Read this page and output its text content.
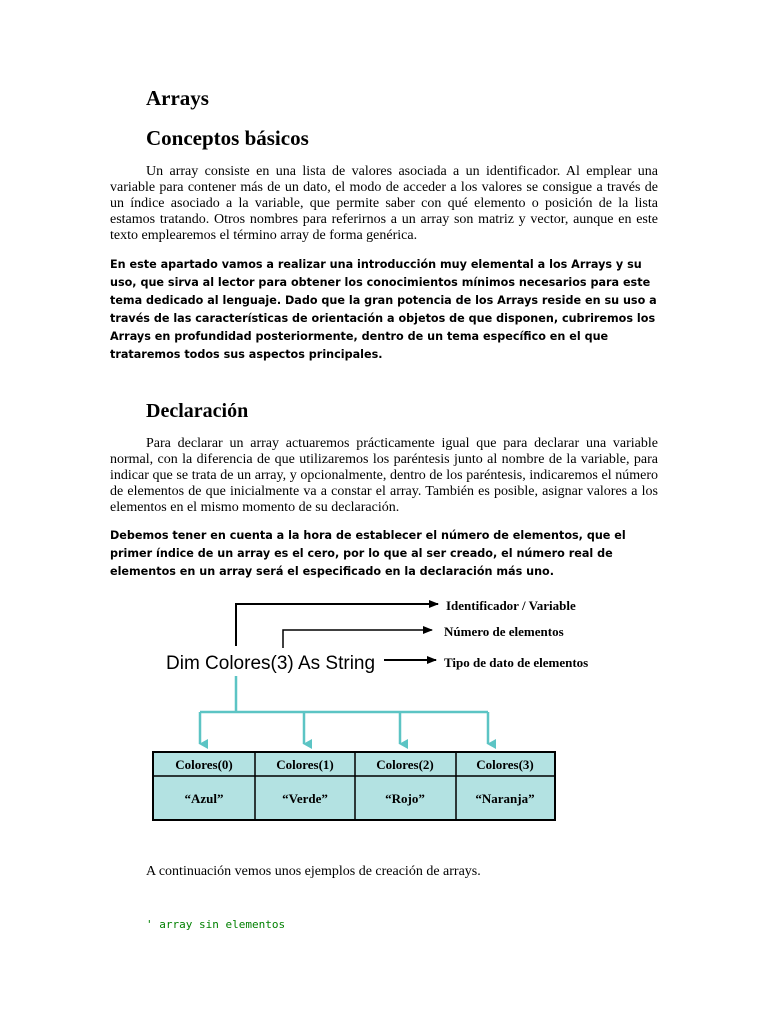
Arrays
Conceptos básicos

Un array consiste en una lista de valores asociada a un identificador. Al emplear una variable para contener más de un dato, el modo de acceder a los valores se consigue a través de un índice asociado a la variable, que permite saber con qué elemento o posición de la lista estamos tratando. Otros nombres para referirnos a un array son matriz y vector, aunque en este texto emplearemos el término array de forma genérica.

En este apartado vamos a realizar una introducción muy elemental a los Arrays y su uso, que sirva al lector para obtener los conocimientos mínimos necesarios para este tema dedicado al lenguaje. Dado que la gran potencia de los Arrays reside en su uso a través de las características de orientación a objetos de que disponen, cubriremos los Arrays en profundidad posteriormente, dentro de un tema específico en el que trataremos todos sus aspectos principales.

Declaración

Para declarar un array actuaremos prácticamente igual que para declarar una variable normal, con la diferencia de que utilizaremos los paréntesis junto al nombre de la variable, para indicar que se trata de un array, y opcionalmente, dentro de los paréntesis, indicaremos el número de elementos de que inicialmente va a constar el array. También es posible, asignar valores a los elementos en el mismo momento de su declaración.

Debemos tener en cuenta a la hora de establecer el número de elementos, que el primer índice de un array es el cero, por lo que al ser creado, el número real de elementos en un array será el especificado en la declaración más uno.

Dim Colores(3) As String
Identificador / Variable
Número de elementos
Tipo de dato de elementos
Colores(0)	Colores(1)	Colores(2)	Colores(3)
“Azul”	“Verde”	“Rojo”	“Naranja”

A continuación vemos unos ejemplos de creación de arrays.

' array sin elementos
